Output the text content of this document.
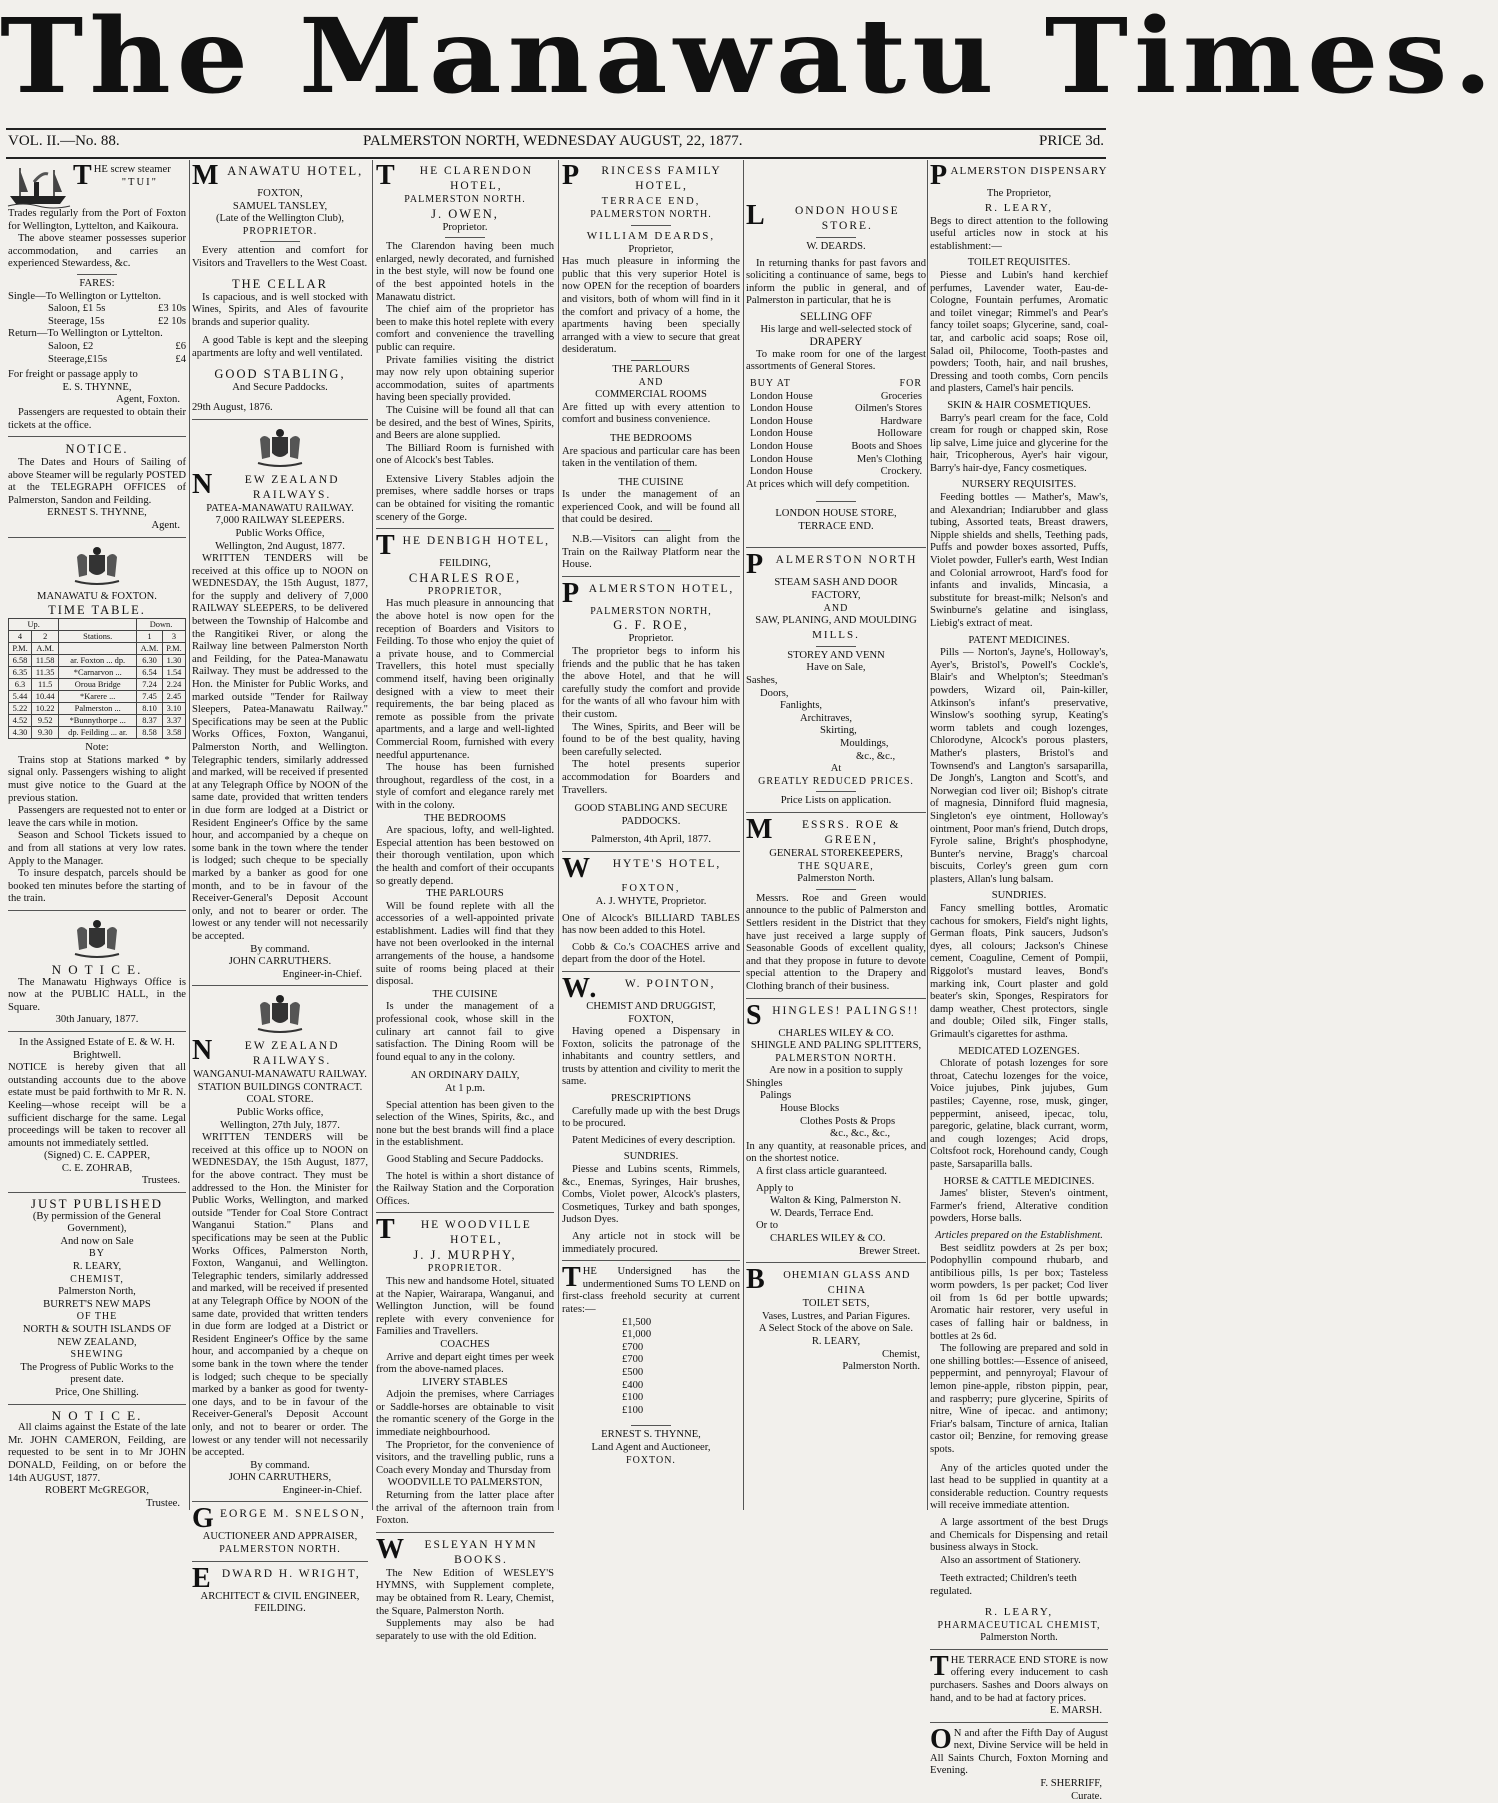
The Manawatu Times.
VOL. II.—No. 88.	PALMERSTON NORTH, WEDNESDAY AUGUST, 22, 1877.	PRICE 3d.
THE screw steamer
"TUI"
Trades regularly from the Port of Foxton for Wellington, Lyttelton, and Kaikoura.
The above steamer possesses superior accommodation, and carries an experienced Stewardess, &c.
FARES:
Single—To Wellington or Lyttelton.
Saloon, £1 5s	£3 10s
Steerage, 15s	£2 10s
Return—To Wellington or Lyttelton.
Saloon, £2	£6
Steerage,£15s	£4
For freight or passage apply to
E. S. THYNNE,
Agent, Foxton.
Passengers are requested to obtain their tickets at the office.
NOTICE.
The Dates and Hours of Sailing of above Steamer will be regularly POSTED at the TELEGRAPH OFFICES of Palmerston, Sandon and Feilding.
ERNEST S. THYNNE,
Agent.
MANAWATU & FOXTON.
TIME TABLE.
Up.			Down.	
4	2	Stations.	1	3
P.M.	A.M.		A.M.	P.M.
6.58	11.58	ar. Foxton ... dp.	6.30	1.30
6.35	11.35	*Carnarvon ...	6.54	1.54
6.3	11.5	Oroua Bridge	7.24	2.24
5.44	10.44	*Karere ...	7.45	2.45
5.22	10.22	Palmerston ...	8.10	3.10
4.52	9.52	*Bunnythorpe ...	8.37	3.37
4.30	9.30	dp. Feilding ... ar.	8.58	3.58
Note:
Trains stop at Stations marked * by signal only. Passengers wishing to alight must give notice to the Guard at the previous station.
Passengers are requested not to enter or leave the cars while in motion.
Season and School Tickets issued to and from all stations at very low rates. Apply to the Manager.
To insure despatch, parcels should be booked ten minutes before the starting of the train.
N O T I C E.
The Manawatu Highways Office is now at the PUBLIC HALL, in the Square.
30th January, 1877.
In the Assigned Estate of E. & W. H. Brightwell.
NOTICE is hereby given that all outstanding accounts due to the above estate must be paid forthwith to Mr R. N. Keeling—whose receipt will be a sufficient discharge for the same. Legal proceedings will be taken to recover all amounts not immediately settled.
(Signed) C. E. CAPPER,
C. E. ZOHRAB,
Trustees.
JUST PUBLISHED
(By permission of the General Government),
And now on Sale
BY
R. LEARY,
CHEMIST,
Palmerston North,
BURRET'S NEW MAPS
OF THE
NORTH & SOUTH ISLANDS OF
NEW ZEALAND,
SHEWING
The Progress of Public Works to the present date.
Price, One Shilling.
N O T I C E.
All claims against the Estate of the late Mr. JOHN CAMERON, Feilding, are requested to be sent in to Mr JOHN DONALD, Feilding, on or before the 14th AUGUST, 1877.
ROBERT McGREGOR,
Trustee.
MANAWATU HOTEL,
FOXTON,
SAMUEL TANSLEY,
(Late of the Wellington Club),
PROPRIETOR.
Every attention and comfort for Visitors and Travellers to the West Coast.
THE CELLAR
Is capacious, and is well stocked with Wines, Spirits, and Ales of favourite brands and superior quality.
A good Table is kept and the sleeping apartments are lofty and well ventilated.
GOOD STABLING,
And Secure Paddocks.
29th August, 1876.
N	EW ZEALAND RAILWAYS.
PATEA-MANAWATU RAILWAY.
7,000 RAILWAY SLEEPERS.
Public Works Office,
Wellington, 2nd August, 1877.
WRITTEN TENDERS will be received at this office up to NOON on WEDNESDAY, the 15th August, 1877, for the supply and delivery of 7,000 RAILWAY SLEEPERS, to be delivered between the Township of Halcombe and the Rangitikei River, or along the Railway line between Palmerston North and Feilding, for the Patea-Manawatu Railway. They must be addressed to the Hon. the Minister for Public Works, and marked outside "Tender for Railway Sleepers, Patea-Manawatu Railway." Specifications may be seen at the Public Works Offices, Foxton, Wanganui, Palmerston North, and Wellington. Telegraphic tenders, similarly addressed and marked, will be received if presented at any Telegraph Office by NOON of the same date, provided that written tenders in due form are lodged at a District or Resident Engineer's Office by the same hour, and accompanied by a cheque on some bank in the town where the tender is lodged; such cheque to be specially marked by a banker as good for one month, and to be in favour of the Receiver-General's Deposit Account only, and not to bearer or order. The lowest or any tender will not necessarily be accepted.
By command.
JOHN CARRUTHERS.
Engineer-in-Chief.
N	EW ZEALAND RAILWAYS.
WANGANUI-MANAWATU RAILWAY.
STATION BUILDINGS CONTRACT.
COAL STORE.
Public Works office,
Wellington, 27th July, 1877.
WRITTEN TENDERS will be received at this office up to NOON on WEDNESDAY, the 15th August, 1877, for the above contract. They must be addressed to the Hon. the Minister for Public Works, Wellington, and marked outside "Tender for Coal Store Contract Wanganui Station." Plans and specifications may be seen at the Public Works Offices, Palmerston North, Foxton, Wanganui, and Wellington. Telegraphic tenders, similarly addressed and marked, will be received if presented at any Telegraph Office by NOON of the same date, provided that written tenders in due form are lodged at a District or Resident Engineer's Office by the same hour, and accompanied by a cheque on some bank in the town where the tender is lodged; such cheque to be specially marked by a banker as good for twenty-one days, and to be in favour of the Receiver-General's Deposit Account only, and not to bearer or order. The lowest or any tender will not necessarily be accepted.
By command.
JOHN CARRUTHERS,
Engineer-in-Chief.
GEORGE M. SNELSON,
AUCTIONEER AND APPRAISER,
PALMERSTON NORTH.
EDWARD H. WRIGHT,
ARCHITECT & CIVIL ENGINEER,
FEILDING.
T HE CLARENDON HOTEL,
PALMERSTON NORTH.
J. OWEN,
Proprietor.
The Clarendon having been much enlarged, newly decorated, and furnished in the best style, will now be found one of the best appointed hotels in the Manawatu district.
The chief aim of the proprietor has been to make this hotel replete with every comfort and convenience the travelling public can require.
Private families visiting the district may now rely upon obtaining superior accommodation, suites of apartments having been specially provided.
The Cuisine will be found all that can be desired, and the best of Wines, Spirits, and Beers are alone supplied.
The Billiard Room is furnished with one of Alcock's best Tables.
Extensive Livery Stables adjoin the premises, where saddle horses or traps can be obtained for visiting the romantic scenery of the Gorge.
THE DENBIGH HOTEL,
FEILDING,
CHARLES ROE,
PROPRIETOR,
Has much pleasure in announcing that the above hotel is now open for the reception of Boarders and Visitors to Feilding. To those who enjoy the quiet of a private house, and to Commercial Travellers, this hotel must specially commend itself, having been originally designed with a view to meet their requirements, the bar being placed as remote as possible from the private apartments, and a large and well-lighted Commercial Room, furnished with every needful appurtenance.
The house has been furnished throughout, regardless of the cost, in a style of comfort and elegance rarely met with in the colony.
THE BEDROOMS
Are spacious, lofty, and well-lighted. Especial attention has been bestowed on their thorough ventilation, upon which the health and comfort of their occupants so greatly depend.
THE PARLOURS
Will be found replete with all the accessories of a well-appointed private establishment. Ladies will find that they have not been overlooked in the internal arrangements of the house, a handsome suite of rooms being placed at their disposal.
THE CUISINE
Is under the management of a professional cook, whose skill in the culinary art cannot fail to give satisfaction. The Dining Room will be found equal to any in the colony.
AN ORDINARY DAILY,
At 1 p.m.
Special attention has been given to the selection of the Wines, Spirits, &c., and none but the best brands will find a place in the establishment.
Good Stabling and Secure Paddocks.
The hotel is within a short distance of the Railway Station and the Corporation Offices.
T HE WOODVILLE HOTEL,
J. J. MURPHY,
PROPRIETOR.
This new and handsome Hotel, situated at the Napier, Wairarapa, Wanganui, and Wellington Junction, will be found replete with every convenience for Families and Travellers.
COACHES
Arrive and depart eight times per week from the above-named places.
LIVERY STABLES
Adjoin the premises, where Carriages or Saddle-horses are obtainable to visit the romantic scenery of the Gorge in the immediate neighbourhood.
The Proprietor, for the convenience of visitors, and the travelling public, runs a Coach every Monday and Thursday from
WOODVILLE TO PALMERSTON,
Returning from the latter place after the arrival of the afternoon train from Foxton.
W ESLEYAN HYMN BOOKS.
The New Edition of WESLEY'S HYMNS, with Supplement complete, may be obtained from R. Leary, Chemist, the Square, Palmerston North.
Supplements may also be had separately to use with the old Edition.
P RINCESS FAMILY HOTEL,
TERRACE END,
PALMERSTON NORTH.
WILLIAM DEARDS,
Proprietor,
Has much pleasure in informing the public that this very superior Hotel is now OPEN for the reception of boarders and visitors, both of whom will find in it the comfort and privacy of a home, the apartments having been specially arranged with a view to secure that great desideratum.
THE PARLOURS
AND
COMMERCIAL ROOMS
Are fitted up with every attention to comfort and business convenience.
THE BEDROOMS
Are spacious and particular care has been taken in the ventilation of them.
THE CUISINE
Is under the management of an experienced Cook, and will be found all that could be desired.
N.B.—Visitors can alight from the Train on the Railway Platform near the House.
PALMERSTON HOTEL,
PALMERSTON NORTH,
G. F. ROE,
Proprietor.
The proprietor begs to inform his friends and the public that he has taken the above Hotel, and that he will carefully study the comfort and provide for the wants of all who favour him with their custom.
The Wines, Spirits, and Beer will be found to be of the best quality, having been carefully selected.
The hotel presents superior accommodation for Boarders and Travellers.
GOOD STABLING AND SECURE PADDOCKS.
Palmerston, 4th April, 1877.
W HYTE'S HOTEL,
FOXTON,
A. J. WHYTE, Proprietor.
One of Alcock's BILLIARD TABLES has now been added to this Hotel.
Cobb & Co.'s COACHES arrive and depart from the door of the Hotel.
W. W. POINTON,
CHEMIST AND DRUGGIST,
FOXTON,
Having opened a Dispensary in Foxton, solicits the patronage of the inhabitants and country settlers, and trusts by attention and civility to merit the same.
PRESCRIPTIONS
Carefully made up with the best Drugs to be procured.
Patent Medicines of every description.
SUNDRIES.
Piesse and Lubins scents, Rimmels, &c., Enemas, Syringes, Hair brushes, Combs, Violet power, Alcock's plasters, Cosmetiques, Turkey and bath sponges, Judson Dyes.
Any article not in stock will be immediately procured.
THE Undersigned has the undermentioned Sums TO LEND on first-class freehold security at current rates:—
£1,500
£1,000
£700
£700
£500
£400
£100
£100
ERNEST S. THYNNE,
Land Agent and Auctioneer,
FOXTON.
L ONDON HOUSE STORE.
W. DEARDS.
In returning thanks for past favors and soliciting a continuance of same, begs to inform the public in general, and of Palmerston in particular, that he is
SELLING OFF
His large and well-selected stock of
DRAPERY
To make room for one of the largest assortments of General Stores.
BUY AT	FOR
London House	Groceries
London House	Oilmen's Stores
London House	Hardware
London House	Holloware
London House	Boots and Shoes
London House	Men's Clothing
London House	Crockery.
At prices which will defy competition.
LONDON HOUSE STORE,
TERRACE END.
PALMERSTON NORTH
STEAM SASH AND DOOR
FACTORY,
AND
SAW, PLANING, AND MOULDING
MILLS.
STOREY AND VENN
Have on Sale,
Sashes,
Doors,
Fanlights,
Architraves,
Skirting,
Mouldings,
&c., &c.,
At
GREATLY REDUCED PRICES.
Price Lists on application.
M ESSRS. ROE & GREEN,
GENERAL STOREKEEPERS,
THE SQUARE,
Palmerston North.
Messrs. Roe and Green would announce to the public of Palmerston and Settlers resident in the District that they have just received a large supply of Seasonable Goods of excellent quality, and that they propose in future to devote special attention to the Drapery and Clothing branch of their business.
SHINGLES! PALINGS!!
CHARLES WILEY & CO.
SHINGLE AND PALING SPLITTERS,
PALMERSTON NORTH.
Are now in a position to supply
Shingles
Palings
House Blocks
Clothes Posts & Props
&c., &c., &c.,
In any quantity, at reasonable prices, and on the shortest notice.
A first class article guaranteed.
Apply to
Walton & King, Palmerston N.
W. Deards, Terrace End.
Or to
CHARLES WILEY & CO.
Brewer Street.
B OHEMIAN GLASS AND CHINA
TOILET SETS,
Vases, Lustres, and Parian Figures.
A Select Stock of the above on Sale.
R. LEARY,
Chemist,
Palmerston North.
PALMERSTON DISPENSARY
The Proprietor,
R. LEARY,
Begs to direct attention to the following useful articles now in stock at his establishment:—
TOILET REQUISITES.
Piesse and Lubin's hand kerchief perfumes, Lavender water, Eau-de-Cologne, Fountain perfumes, Aromatic and toilet vinegar; Rimmel's and Pear's fancy toilet soaps; Glycerine, sand, coal-tar, and carbolic acid soaps; Rose oil, Salad oil, Philocome, Tooth-pastes and powders; Tooth, hair, and nail brushes, Dressing and tooth combs, Corn pencils and plasters, Camel's hair pencils.
SKIN & HAIR COSMETIQUES.
Barry's pearl cream for the face, Cold cream for rough or chapped skin, Rose lip salve, Lime juice and glycerine for the hair, Tricopherous, Ayer's hair vigour, Barry's hair-dye, Fancy cosmetiques.
NURSERY REQUISITES.
Feeding bottles — Mather's, Maw's, and Alexandrian; Indiarubber and glass tubing, Assorted teats, Breast drawers, Nipple shields and shells, Teething pads, Puffs and powder boxes assorted, Puffs, Violet powder, Fuller's earth, West Indian and Colonial arrowroot, Hard's food for infants and invalids, Mincasia, a substitute for breast-milk; Nelson's and Swinburne's gelatine and isinglass, Liebig's extract of meat.
PATENT MEDICINES.
Pills — Norton's, Jayne's, Holloway's, Ayer's, Bristol's, Powell's Cockle's, Blair's and Whelpton's; Steedman's powders, Wizard oil, Pain-killer, Atkinson's infant's preservative, Winslow's soothing syrup, Keating's worm tablets and cough lozenges, Chlorodyne, Alcock's porous plasters, Mather's plasters, Bristol's and Townsend's and Langton's sarsaparilla, De Jongh's, Langton and Scott's, and Norwegian cod liver oil; Bishop's citrate of magnesia, Dinniford fluid magnesia, Singleton's eye ointment, Holloway's ointment, Poor man's friend, Dutch drops, Fyrole saline, Bright's phosphodyne, Bunter's nervine, Bragg's charcoal biscuits, Corley's green gum corn plasters, Allan's lung balsam.
SUNDRIES.
Fancy smelling bottles, Aromatic cachous for smokers, Field's night lights, German floats, Pink saucers, Judson's dyes, all colours; Jackson's Chinese cement, Coaguline, Cement of Pompii, Riggolot's mustard leaves, Bond's marking ink, Court plaster and gold beater's skin, Sponges, Respirators for damp weather, Chest protectors, single and double; Oiled silk, Finger stalls, Grimault's cigarettes for asthma.
MEDICATED LOZENGES.
Chlorate of potash lozenges for sore throat, Catechu lozenges for the voice, Voice jujubes, Pink jujubes, Gum pastiles; Cayenne, rose, musk, ginger, peppermint, aniseed, ipecac, tolu, paregoric, gelatine, black currant, worm, and cough lozenges; Acid drops, Coltsfoot rock, Horehound candy, Cough paste, Sarsaparilla balls.
HORSE & CATTLE MEDICINES.
James' blister, Steven's ointment, Farmer's friend, Alterative condition powders, Horse balls.
Articles prepared on the Establishment.
Best seidlitz powders at 2s per box; Podophyllin compound rhubarb, and antibilious pills, 1s per box; Tasteless worm powders, 1s per packet; Cod liver oil from 1s 6d per bottle upwards; Aromatic hair restorer, very useful in cases of falling hair or baldness, in bottles at 2s 6d.
The following are prepared and sold in one shilling bottles:—Essence of aniseed, peppermint, and pennyroyal; Flavour of lemon pine-apple, ribston pippin, pear, and raspberry; pure glycerine, Spirits of nitre, Wine of ipecac. and antimony; Friar's balsam, Tincture of arnica, Italian castor oil; Benzine, for removing grease spots.
Any of the articles quoted under the last head to be supplied in quantity at a considerable reduction. Country requests will receive immediate attention.
A large assortment of the best Drugs and Chemicals for Dispensing and retail business always in Stock.
Also an assortment of Stationery.
Teeth extracted; Children's teeth regulated.
R. LEARY,
PHARMACEUTICAL CHEMIST,
Palmerston North.
THE TERRACE END STORE is now offering every inducement to cash purchasers. Sashes and Doors always on hand, and to be had at factory prices.
E. MARSH.
O N and after the Fifth Day of August next, Divine Service will be held in All Saints Church, Foxton Morning and Evening.
F. SHERRIFF,
Curate.
